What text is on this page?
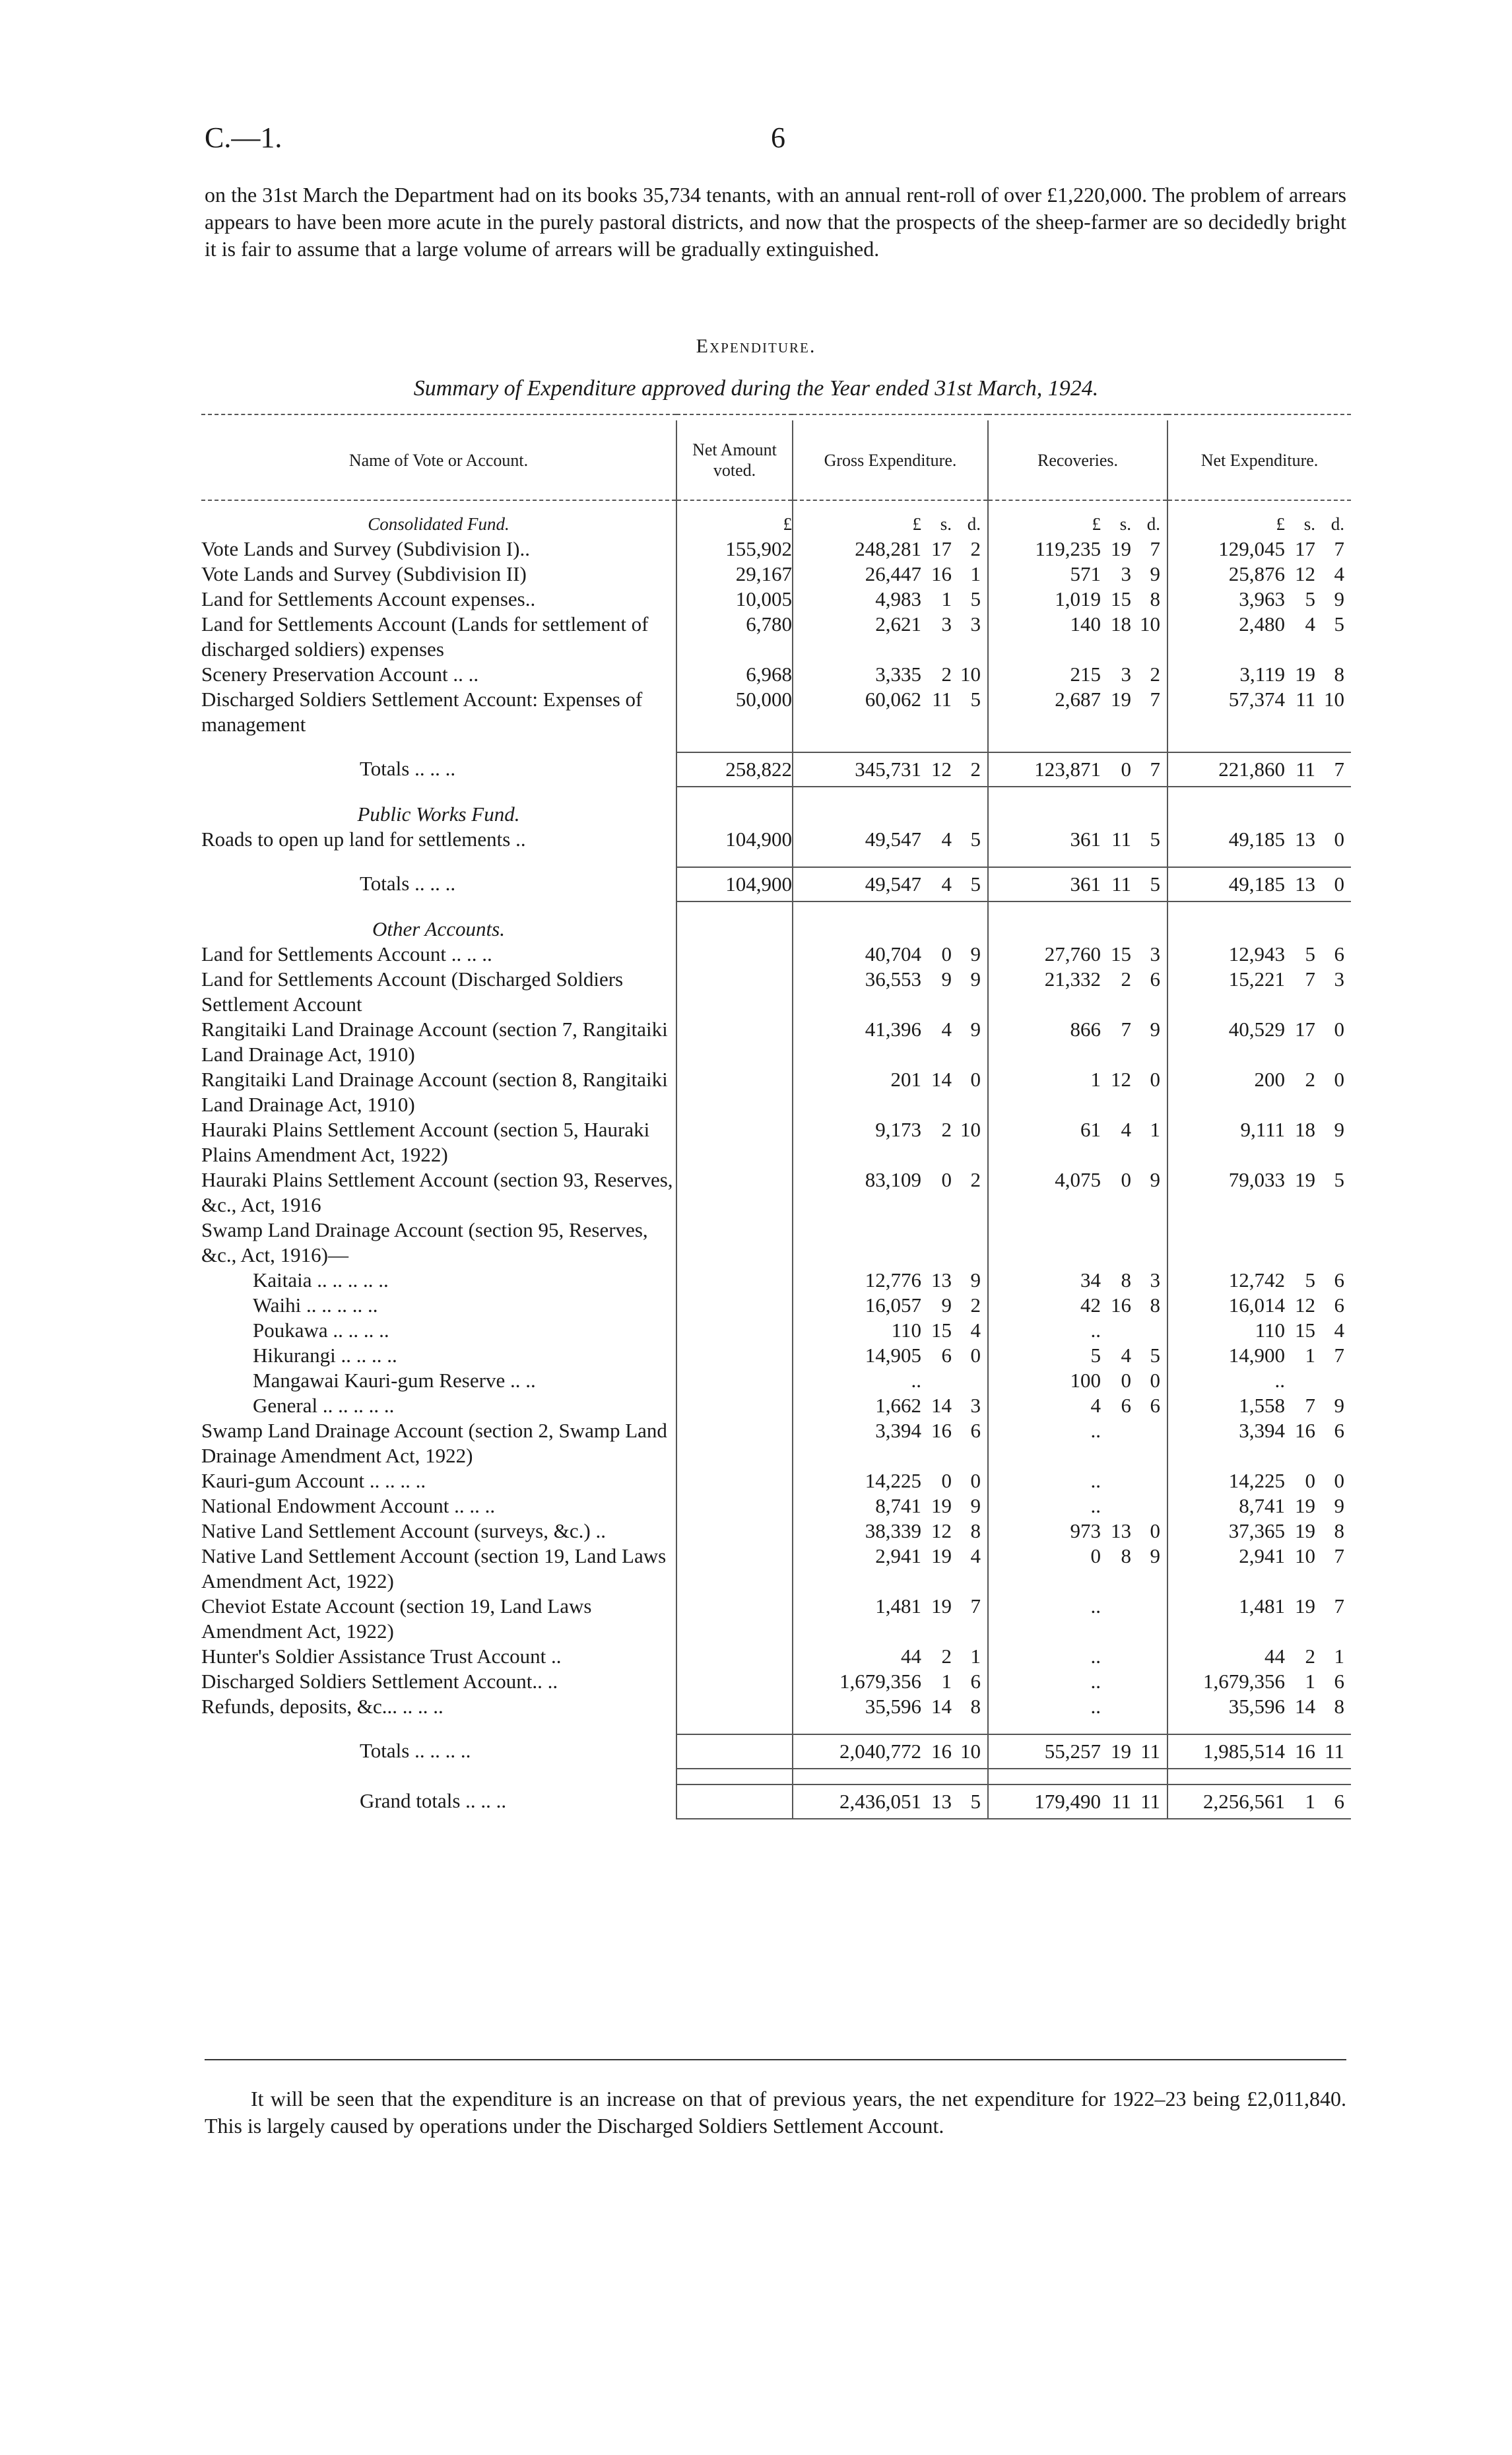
C.—1.	6
on the 31st March the Department had on its books 35,734 tenants, with an annual rent-roll of over £1,220,000. The problem of arrears appears to have been more acute in the purely pastoral districts, and now that the prospects of the sheep-farmer are so decidedly bright it is fair to assume that a large volume of arrears will be gradually extinguished.
Expenditure.
Summary of Expenditure approved during the Year ended 31st March, 1924.

Name of Vote or Account.	Net Amount voted.	Gross Expenditure.	Recoveries.	Net Expenditure.
Consolidated Fund.	£	£ s. d.	£ s. d.	£ s. d.

Vote Lands and Survey (Subdivision I)..	155,902	248,281 17 2	119,235 19 7	129,045 17 7

Vote Lands and Survey (Subdivision II)	29,167	26,447 16 1	571 3 9	25,876 12 4

Land for Settlements Account expenses..	10,005	4,983 1 5	1,019 15 8	3,963 5 9

Land for Settlements Account (Lands for settlement of discharged soldiers) expenses	6,780	2,621 3 3	140 18 10	2,480 4 5

Scenery Preservation Account .. ..	6,968	3,335 2 10	215 3 2	3,119 19 8

Discharged Soldiers Settlement Account: Expenses of management	50,000	60,062 11 5	2,687 19 7	57,374 11 10

Totals .. .. ..	258,822	345,731 12 2	123,871 0 7	221,860 11 7

Public Works Fund.				
Roads to open up land for settlements ..	104,900	49,547 4 5	361 11 5	49,185 13 0

Totals .. .. ..	104,900	49,547 4 5	361 11 5	49,185 13 0

Other Accounts.				
Land for Settlements Account .. .. ..		40,704 0 9	27,760 15 3	12,943 5 6

Land for Settlements Account (Discharged Soldiers Settlement Account		36,553 9 9	21,332 2 6	15,221 7 3

Rangitaiki Land Drainage Account (section 7, Rangitaiki Land Drainage Act, 1910)		41,396 4 9	866 7 9	40,529 17 0

Rangitaiki Land Drainage Account (section 8, Rangitaiki Land Drainage Act, 1910)		201 14 0	1 12 0	200 2 0

Hauraki Plains Settlement Account (section 5, Hauraki Plains Amendment Act, 1922)		9,173 2 10	61 4 1	9,111 18 9

Hauraki Plains Settlement Account (section 93, Reserves, &c., Act, 1916		83,109 0 2	4,075 0 9	79,033 19 5

Swamp Land Drainage Account (section 95, Reserves, &c., Act, 1916)—		

Kaitaia .. .. .. .. ..		12,776 13 9	34 8 3	12,742 5 6

Waihi .. .. .. .. ..		16,057 9 2	42 16 8	16,014 12 6

Poukawa .. .. .. ..		110 15 4	..	110 15 4

Hikurangi .. .. .. ..		14,905 6 0	5 4 5	14,900 1 7

Mangawai Kauri-gum Reserve .. ..		..	100 0 0	..

General .. .. .. .. ..		1,662 14 3	4 6 6	1,558 7 9

Swamp Land Drainage Account (section 2, Swamp Land Drainage Amendment Act, 1922)		3,394 16 6	..	3,394 16 6

Kauri-gum Account .. .. .. ..		14,225 0 0	..	14,225 0 0

National Endowment Account .. .. ..		8,741 19 9	..	8,741 19 9

Native Land Settlement Account (surveys, &c.) ..		38,339 12 8	973 13 0	37,365 19 8

Native Land Settlement Account (section 19, Land Laws Amendment Act, 1922)		2,941 19 4	0 8 9	2,941 10 7

Cheviot Estate Account (section 19, Land Laws Amendment Act, 1922)		1,481 19 7	..	1,481 19 7

Hunter's Soldier Assistance Trust Account ..		44 2 1	..	44 2 1

Discharged Soldiers Settlement Account.. ..		1,679,356 1 6	..	1,679,356 1 6

Refunds, deposits, &c... .. .. ..		35,596 14 8	..	35,596 14 8

Totals .. .. .. ..		2,040,772 16 10	55,257 19 11	1,985,514 16 11

Grand totals .. .. ..		2,436,051 13 5	179,490 11 11	2,256,561 1 6
It will be seen that the expenditure is an increase on that of previous years, the net expenditure for 1922–23 being £2,011,840. This is largely caused by operations under the Discharged Soldiers Settlement Account.
